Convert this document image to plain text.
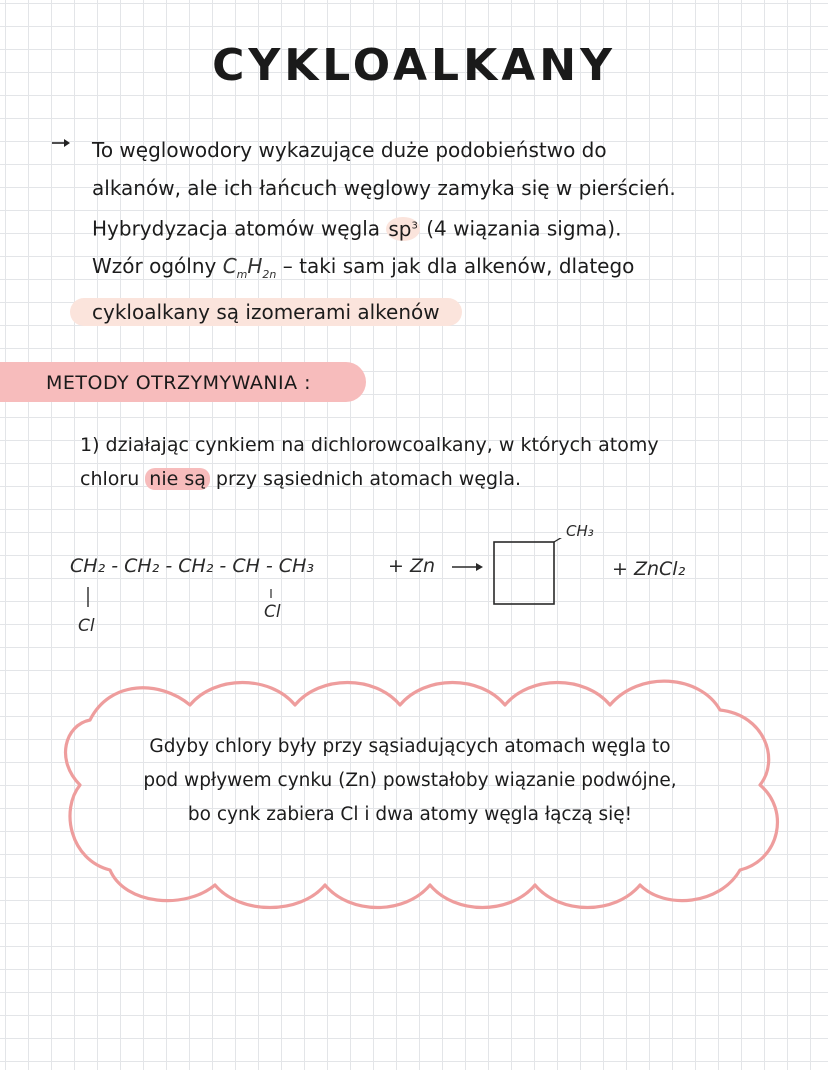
CYKLOALKANY
To węglowodory wykazujące duże podobieństwo do
alkanów, ale ich łańcuch węglowy zamyka się w pierścień.
Hybrydyzacja atomów węgla $sp^3$ (4 wiązania sigma).
Wzór ogólny $C_mH_{2n}$ – taki sam jak dla alkenów, dlatego
cykloalkany są izomerami alkenów
METODY OTRZYMYWANIA :
1) działając cynkiem na dichlorowcoalkany, w których atomy
chloru nie są przy sąsiednich atomach węgla.
CH₂ - CH₂ - CH₂ - CH - CH₃
Cl
Cl
+ Zn →
CH₃
+ ZnCl₂
Gdyby chlory były przy sąsiadujących atomach węgla to
pod wpływem cynku (Zn) powstałoby wiązanie podwójne,
bo cynk zabiera Cl i dwa atomy węgla łączą się!
